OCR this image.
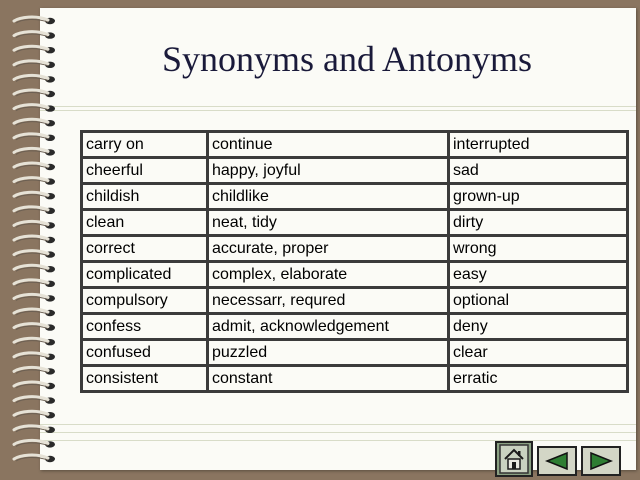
Synonyms and Antonyms
carry on	continue	interrupted
cheerful	happy, joyful	sad
childish	childlike	grown-up
clean	neat, tidy	dirty
correct	accurate, proper	wrong
complicated	complex, elaborate	easy
compulsory	necessarr, requred	optional
confess	admit, acknowledgement	deny
confused	puzzled	clear
consistent	constant	erratic
